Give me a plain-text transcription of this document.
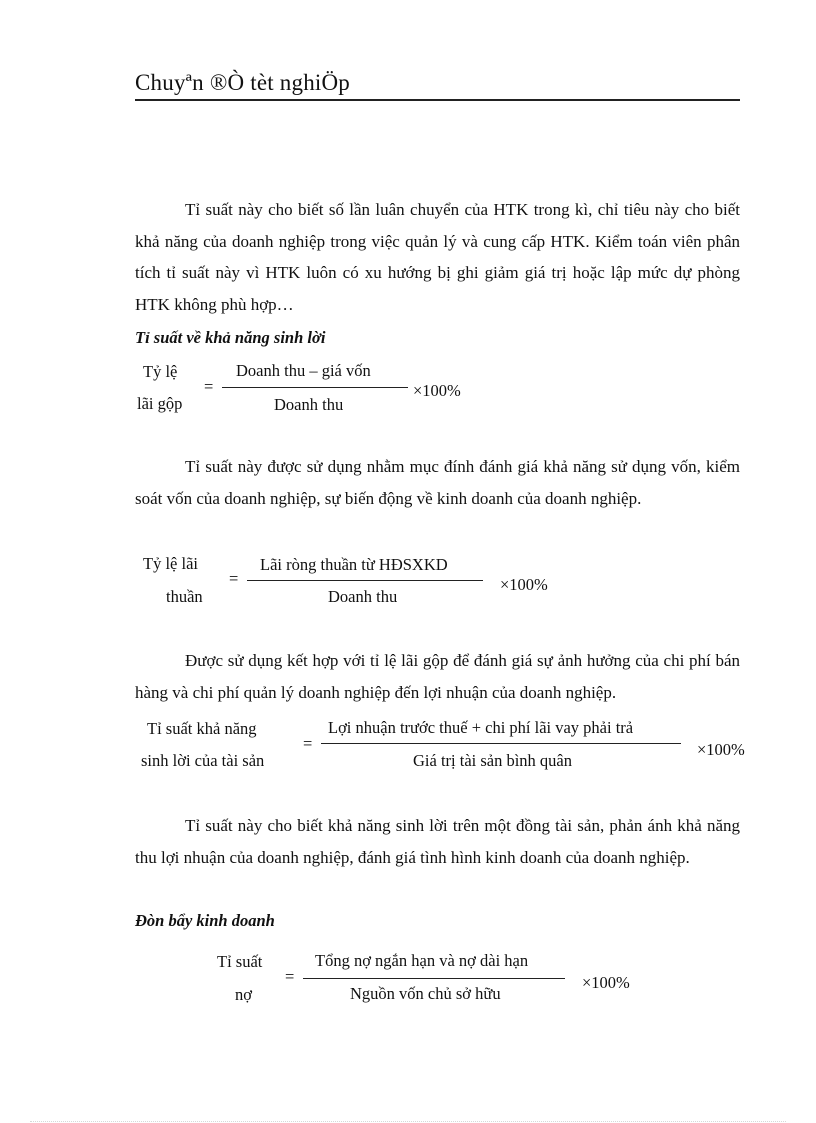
Chuyªn ®Ò tèt nghiÖp

Tỉ suất này cho biết số lần luân chuyển của HTK trong kì, chỉ tiêu này cho biết khả năng của doanh nghiệp trong việc quản lý và cung cấp HTK. Kiểm toán viên phân tích tỉ suất này vì HTK luôn có xu hướng bị ghi giảm giá trị hoặc lập mức dự phòng HTK không phù hợp…

Tỉ suất về khả năng sinh lời
Tỷ lệ
lãi gộp
=
Doanh thu – giá vốn
Doanh thu
×100%

Tỉ suất này được sử dụng nhằm mục đính đánh giá khả năng sử dụng vốn, kiểm soát vốn của doanh nghiệp, sự biến động về kinh doanh của doanh nghiệp.

Tỷ lệ lãi
thuần
=
Lãi ròng thuần từ HĐSXKD
Doanh thu
×100%

Được sử dụng kết hợp với tỉ lệ lãi gộp để đánh giá sự ảnh hưởng của chi phí bán hàng và chi phí quản lý doanh nghiệp đến lợi nhuận của doanh nghiệp.

Tỉ suất khả năng
sinh lời của tài sản
=
Lợi nhuận trước thuế + chi phí lãi vay phải trả
Giá trị tài sản bình quân
×100%

Tỉ suất này cho biết khả năng sinh lời trên một đồng tài sản, phản ánh khả năng thu lợi nhuận của doanh nghiệp, đánh giá tình hình kinh doanh của doanh nghiệp.

Đòn bẩy kinh doanh
Tỉ suất
nợ
=
Tổng nợ ngắn hạn và nợ dài hạn
Nguồn vốn chủ sở hữu
×100%
